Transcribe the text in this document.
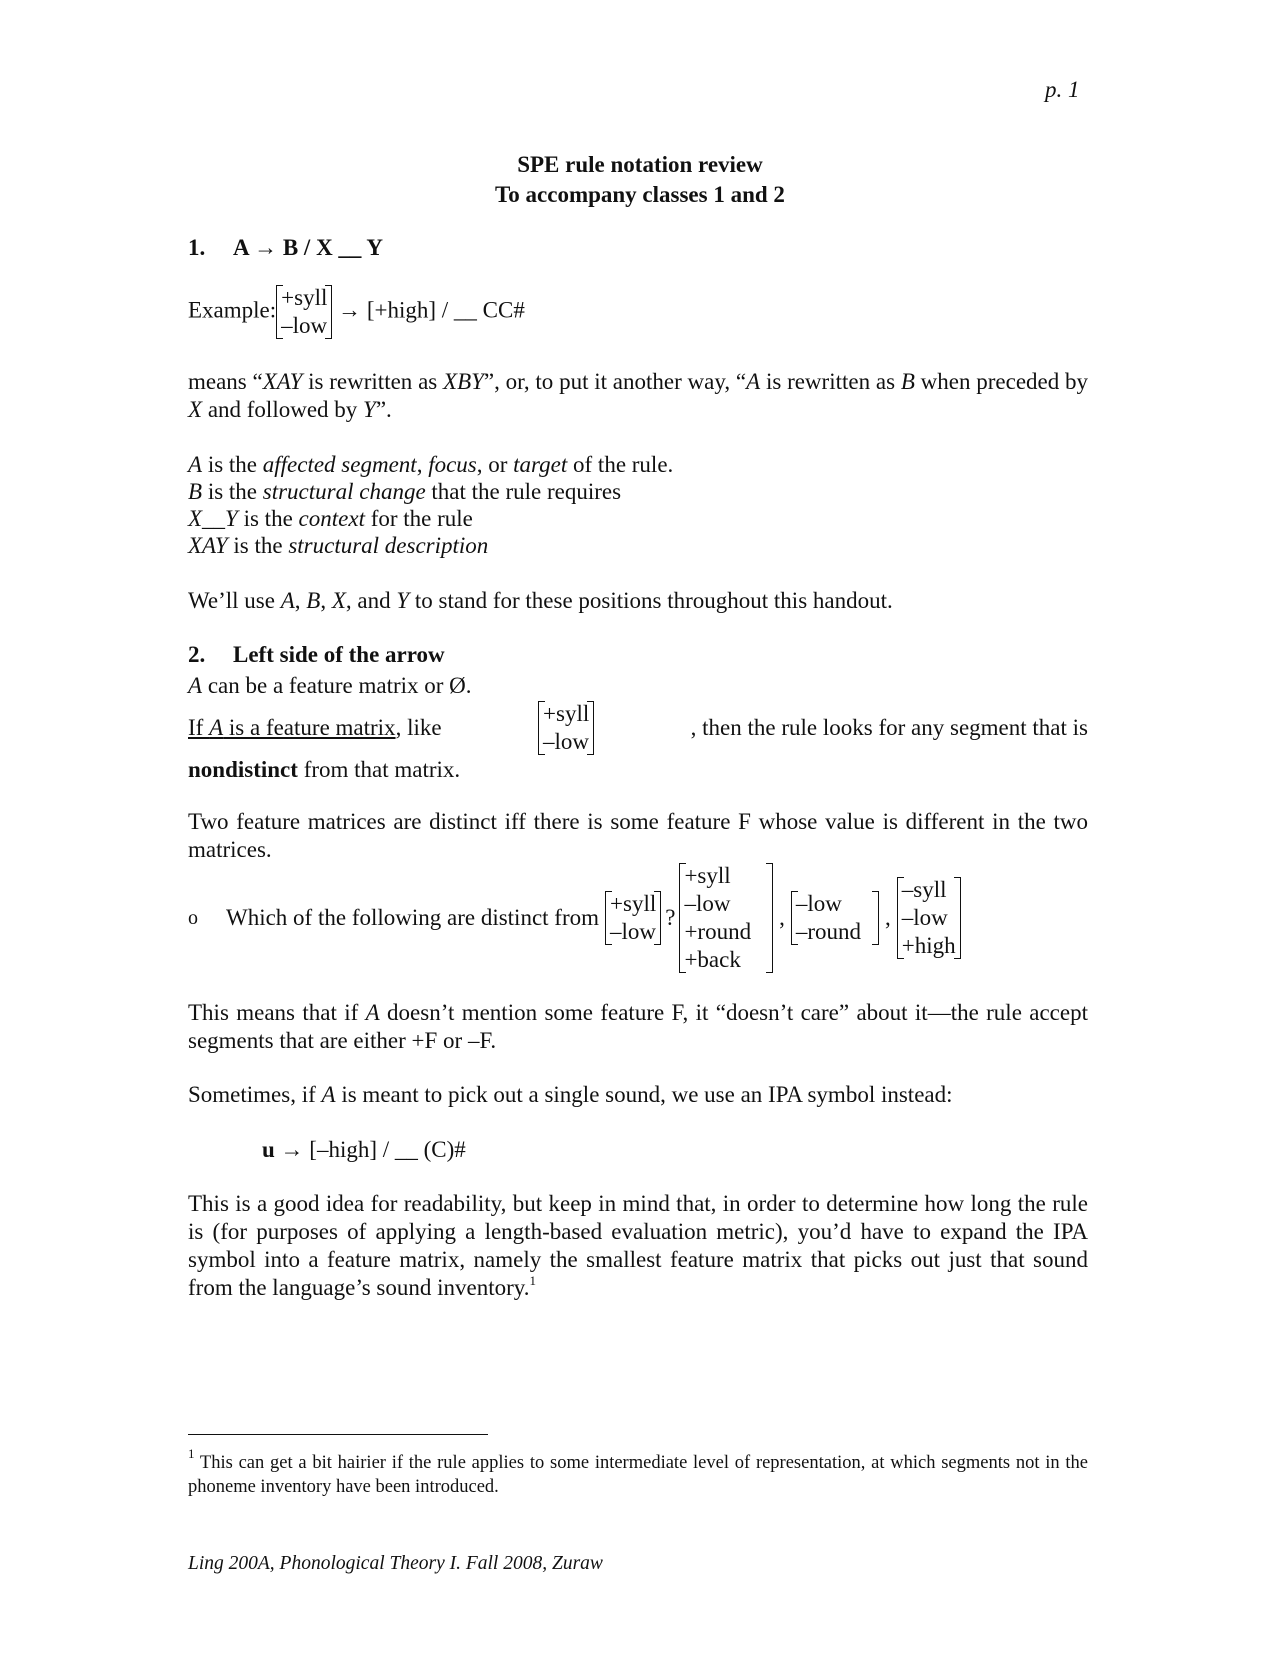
p. 1
SPE rule notation review
To accompany classes 1 and 2
1. A → B / X __ Y
Example: +syll
–low
→ [+high] / __ CC#
means “XAY is rewritten as XBY”, or, to put it another way, “A is rewritten as B when preceded by X and followed by Y”.
A is the affected segment, focus, or target of the rule.
B is the structural change that the rule requires
X__Y is the context for the rule
XAY is the structural description
We’ll use A, B, X, and Y to stand for these positions throughout this handout.
2. Left side of the arrow
A can be a feature matrix or Ø.
If A is a feature matrix, like
+syll
–low
, then the rule looks for any segment that is
nondistinct from that matrix.
Two feature matrices are distinct iff there is some feature F whose value is different in the two matrices.
o	Which of the following are distinct from
+syll
–low
?
+syll
–low
+round
+back
,
–low
–round
,
–syll
–low
+high
This means that if A doesn’t mention some feature F, it “doesn’t care” about it—the rule accept segments that are either +F or –F.
Sometimes, if A is meant to pick out a single sound, we use an IPA symbol instead:
u → [–high] / __ (C)#
This is a good idea for readability, but keep in mind that, in order to determine how long the rule is (for purposes of applying a length-based evaluation metric), you’d have to expand the IPA symbol into a feature matrix, namely the smallest feature matrix that picks out just that sound from the language’s sound inventory.$^1$
$^1$ This can get a bit hairier if the rule applies to some intermediate level of representation, at which segments not in the phoneme inventory have been introduced.
Ling 200A, Phonological Theory I. Fall 2008, Zuraw
